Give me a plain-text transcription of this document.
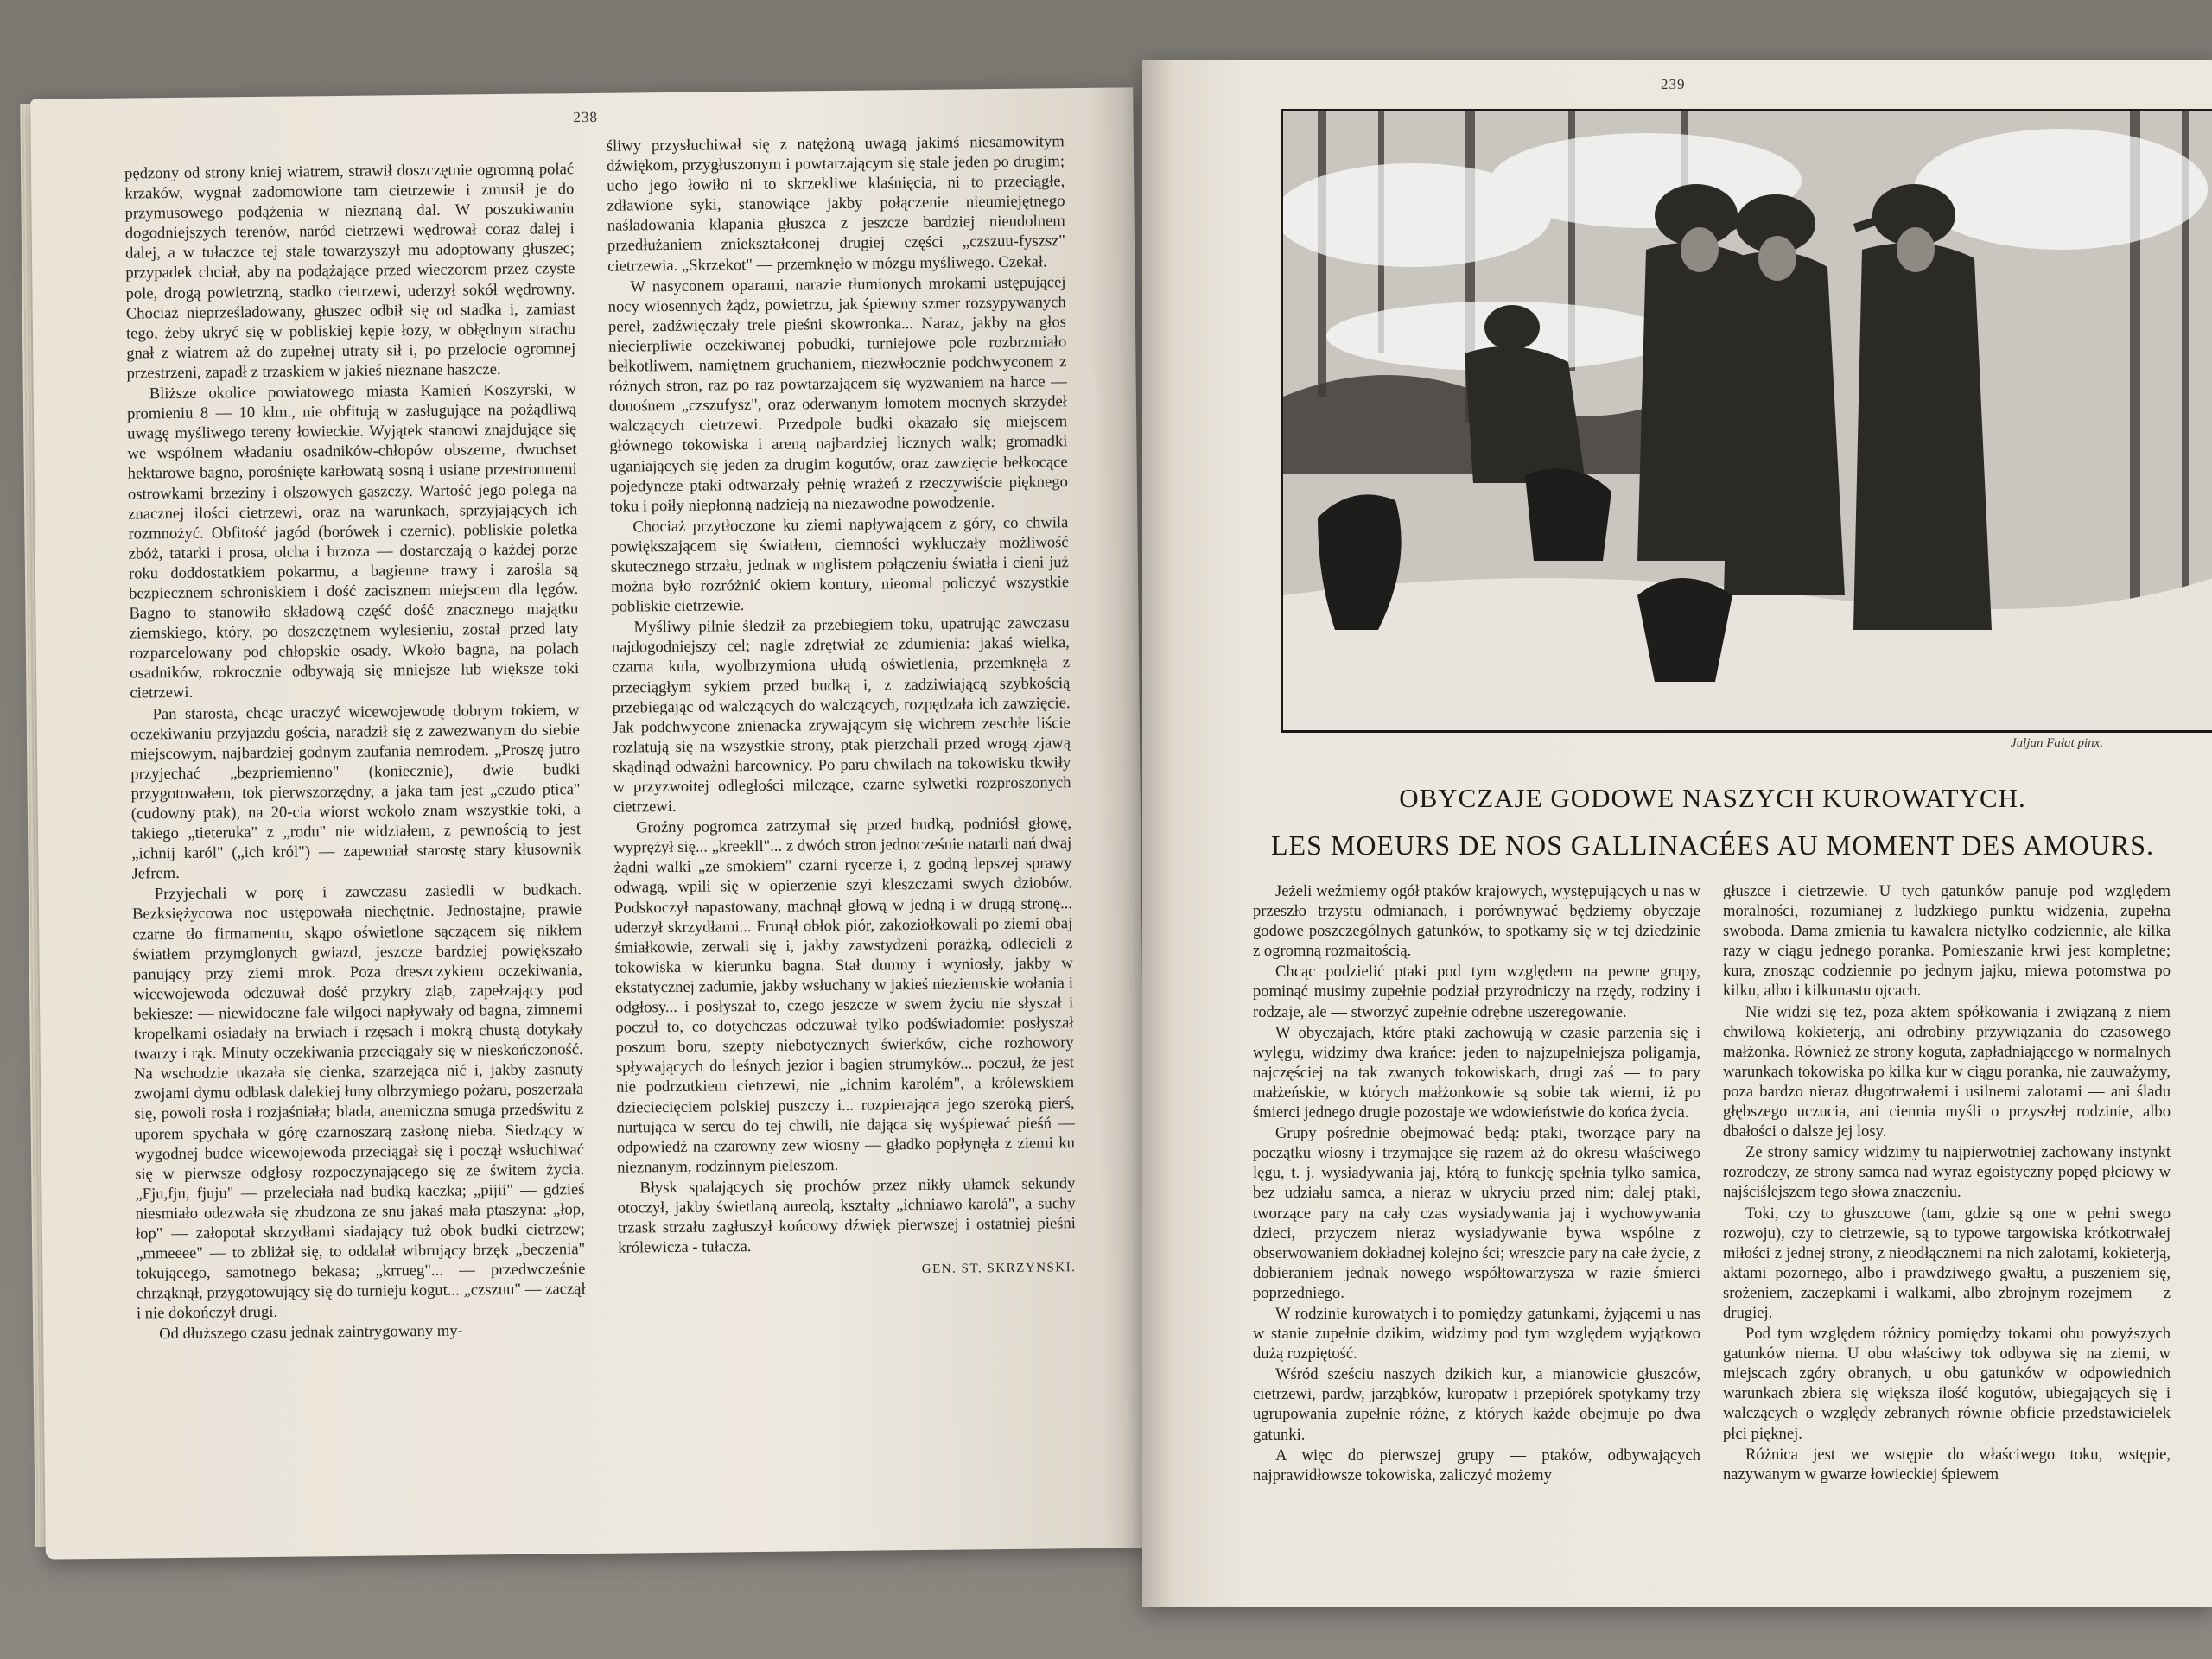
238

pędzony od strony kniej wiatrem, strawił doszczętnie ogromną połać krzaków, wygnał zadomowione tam cietrzewie i zmusił je do przymusowego podążenia w nieznaną dal. W poszukiwaniu dogodniejszych terenów, naród cietrzewi wędrował coraz dalej i dalej, a w tułaczce tej stale towarzyszył mu adoptowany głuszec; przypadek chciał, aby na podążające przed wieczorem przez czyste pole, drogą powietrzną, stadko cietrzewi, uderzył sokół wędrowny. Chociaż nieprześladowany, głuszec odbił się od stadka i, zamiast tego, żeby ukryć się w pobliskiej kępie łozy, w obłędnym strachu gnał z wiatrem aż do zupełnej utraty sił i, po przelocie ogromnej przestrzeni, zapadł z trzaskiem w jakieś nieznane haszcze.

Bliższe okolice powiatowego miasta Kamień Koszyrski, w promieniu 8 — 10 klm., nie obfitują w zasługujące na pożądliwą uwagę myśliwego tereny łowieckie. Wyjątek stanowi znajdujące się we wspólnem władaniu osadników-chłopów obszerne, dwuchset hektarowe bagno, porośnięte karłowatą sosną i usiane przestronnemi ostrowkami brzeziny i olszowych gąszczy. Wartość jego polega na znacznej ilości cietrzewi, oraz na warunkach, sprzyjających ich rozmnożyć. Obfitość jagód (borówek i czernic), pobliskie poletka zbóż, tatarki i prosa, olcha i brzoza — dostarczają o każdej porze roku doddostatkiem pokarmu, a bagienne trawy i zarośla są bezpiecznem schroniskiem i dość zacisznem miejscem dla lęgów. Bagno to stanowiło składową część dość znacznego majątku ziemskiego, który, po doszczętnem wylesieniu, został przed laty rozparcelowany pod chłopskie osady. Wkoło bagna, na polach osadników, rokrocznie odbywają się mniejsze lub większe toki cietrzewi.

Pan starosta, chcąc uraczyć wicewojewodę dobrym tokiem, w oczekiwaniu przyjazdu gościa, naradził się z zawezwanym do siebie miejscowym, najbardziej godnym zaufania nemrodem. „Proszę jutro przyjechać „bezpriemienno" (koniecznie), dwie budki przygotowałem, tok pierwszorzędny, a jaka tam jest „czudo ptica" (cudowny ptak), na 20-cia wiorst wokoło znam wszystkie toki, a takiego „tieteruka" z „rodu" nie widziałem, z pewnością to jest „ichnij karól" („ich król") — zapewniał starostę stary kłusownik Jefrem.

Przyjechali w porę i zawczasu zasiedli w budkach. Bezksiężycowa noc ustępowała niechętnie. Jednostajne, prawie czarne tło firmamentu, skąpo oświetlone sączącem się nikłem światłem przymglonych gwiazd, jeszcze bardziej powiększało panujący przy ziemi mrok. Poza dreszczykiem oczekiwania, wicewojewoda odczuwał dość przykry ziąb, zapełzający pod bekiesze: — niewidoczne fale wilgoci napływały od bagna, zimnemi kropelkami osiadały na brwiach i rzęsach i mokrą chustą dotykały twarzy i rąk. Minuty oczekiwania przeciągały się w nieskończoność. Na wschodzie ukazała się cienka, szarzejąca nić i, jakby zasnuty zwojami dymu odblask dalekiej łuny olbrzymiego pożaru, poszerzała się, powoli rosła i rozjaśniała; blada, anemiczna smuga przedświtu z uporem spychała w górę czarnoszarą zasłonę nieba. Siedzący w wygodnej budce wicewojewoda przeciągał się i począł wsłuchiwać się w pierwsze odgłosy rozpoczynającego się ze świtem życia. „Fju,fju, fjuju" — przeleciała nad budką kaczka; „pijii" — gdzieś niesmiało odezwała się zbudzona ze snu jakaś mała ptaszyna: „łop, łop" — załopotał skrzydłami siadający tuż obok budki cietrzew; „mmeeee" — to zbliżał się, to oddalał wibrujący brzęk „beczenia" tokującego, samotnego bekasa; „krrueg"... — przedwcześnie chrząknął, przygotowujący się do turnieju kogut... „czszuu" — zaczął i nie dokończył drugi.

Od dłuższego czasu jednak zaintrygowany my-

śliwy przysłuchiwał się z natężoną uwagą jakimś niesamowitym dźwiękom, przygłuszonym i powtarzającym się stale jeden po drugim; ucho jego łowiło ni to skrzekliwe klaśnięcia, ni to przeciągłe, zdławione syki, stanowiące jakby połączenie nieumiejętnego naśladowania klapania głuszca z jeszcze bardziej nieudolnem przedłużaniem zniekształconej drugiej części „czszuu-fyszsz" cietrzewia. „Skrzekot" — przemknęło w mózgu myśliwego. Czekał.

W nasyconem oparami, narazie tłumionych mrokami ustępującej nocy wiosennych żądz, powietrzu, jak śpiewny szmer rozsypywanych pereł, zadźwięczały trele pieśni skowronka... Naraz, jakby na głos niecierpliwie oczekiwanej pobudki, turniejowe pole rozbrzmiało bełkotliwem, namiętnem gruchaniem, niezwłocznie podchwyconem z różnych stron, raz po raz powtarzającem się wyzwaniem na harce — donośnem „czszufysz", oraz oderwanym łomotem mocnych skrzydeł walczących cietrzewi. Przedpole budki okazało się miejscem głównego tokowiska i areną najbardziej licznych walk; gromadki uganiających się jeden za drugim kogutów, oraz zawzięcie bełkocące pojedyncze ptaki odtwarzały pełnię wrażeń z rzeczywiście pięknego toku i poiły niepłonną nadzieją na niezawodne powodzenie.

Chociaż przytłoczone ku ziemi napływającem z góry, co chwila powiększającem się światłem, ciemności wykluczały możliwość skutecznego strzału, jednak w mglistem połączeniu światła i cieni już można było rozróżnić okiem kontury, nieomal policzyć wszystkie pobliskie cietrzewie.

Myśliwy pilnie śledził za przebiegiem toku, upatrując zawczasu najdogodniejszy cel; nagle zdrętwiał ze zdumienia: jakaś wielka, czarna kula, wyolbrzymiona ułudą oświetlenia, przemknęła z przeciągłym sykiem przed budką i, z zadziwiającą szybkością przebiegając od walczących do walczących, rozpędzała ich zawzięcie. Jak podchwycone znienacka zrywającym się wichrem zeschłe liście rozlatują się na wszystkie strony, ptak pierzchali przed wrogą zjawą skądinąd odważni harcownicy. Po paru chwilach na tokowisku tkwiły w przyzwoitej odległości milczące, czarne sylwetki rozproszonych cietrzewi.

Groźny pogromca zatrzymał się przed budką, podniósł głowę, wyprężył się... „kreekll"... z dwóch stron jednocześnie natarli nań dwaj żądni walki „ze smokiem" czarni rycerze i, z godną lepszej sprawy odwagą, wpili się w opierzenie szyi kleszczami swych dziobów. Podskoczył napastowany, machnął głową w jedną i w drugą stronę... uderzył skrzydłami... Frunął obłok piór, zakoziołkowali po ziemi obaj śmiałkowie, zerwali się i, jakby zawstydzeni porażką, odlecieli z tokowiska w kierunku bagna. Stał dumny i wyniosły, jakby w ekstatycznej zadumie, jakby wsłuchany w jakieś nieziemskie wołania i odgłosy... i posłyszał to, czego jeszcze w swem życiu nie słyszał i poczuł to, co dotychczas odczuwał tylko podświadomie: posłyszał poszum boru, szepty niebotycznych świerków, ciche rozhowory spływających do leśnych jezior i bagien strumyków... poczuł, że jest nie podrzutkiem cietrzewi, nie „ichnim karolém", a królewskiem dzieciecięciem polskiej puszczy i... rozpierająca jego szeroką pierś, nurtująca w sercu do tej chwili, nie dająca się wyśpiewać pieśń — odpowiedź na czarowny zew wiosny — gładko popłynęła z ziemi ku nieznanym, rodzinnym pieleszom.

Błysk spalających się prochów przez nikły ułamek sekundy otoczył, jakby świetlaną aureolą, kształty „ichniawo karolá", a suchy trzask strzału zagłuszył końcowy dźwięk pierwszej i ostatniej pieśni królewicza - tułacza.

GEN. ST. SKRZYNSKI.
239
Juljan Fałat pinx.
OBYCZAJE GODOWE NASZYCH KUROWATYCH.
LES MOEURS DE NOS GALLINACÉES AU MOMENT DES AMOURS.

Jeżeli weźmiemy ogół ptaków krajowych, występujących u nas w przeszło trzystu odmianach, i porównywać będziemy obyczaje godowe poszczególnych gatunków, to spotkamy się w tej dziedzinie z ogromną rozmaitością.

Chcąc podzielić ptaki pod tym względem na pewne grupy, pominąć musimy zupełnie podział przyrodniczy na rzędy, rodziny i rodzaje, ale — stworzyć zupełnie odrębne uszeregowanie.

W obyczajach, które ptaki zachowują w czasie parzenia się i wylęgu, widzimy dwa krańce: jeden to najzupełniejsza poligamja, najczęściej na tak zwanych tokowiskach, drugi zaś — to pary małżeńskie, w których małżonkowie są sobie tak wierni, iż po śmierci jednego drugie pozostaje we wdowieństwie do końca życia.

Grupy pośrednie obejmować będą: ptaki, tworzące pary na początku wiosny i trzymające się razem aż do okresu właściwego lęgu, t. j. wysiadywania jaj, którą to funkcję spełnia tylko samica, bez udziału samca, a nieraz w ukryciu przed nim; dalej ptaki, tworzące pary na cały czas wysiadywania jaj i wychowywania dzieci, przyczem nieraz wysiadywanie bywa wspólne z obserwowaniem dokładnej kolejno ści; wreszcie pary na całe życie, z dobieraniem jednak nowego współtowarzysza w razie śmierci poprzedniego.

W rodzinie kurowatych i to pomiędzy gatunkami, żyjącemi u nas w stanie zupełnie dzikim, widzimy pod tym względem wyjątkowo dużą rozpiętość.

Wśród sześciu naszych dzikich kur, a mianowicie głuszców, cietrzewi, pardw, jarząbków, kuropatw i przepiórek spotykamy trzy ugrupowania zupełnie różne, z których każde obejmuje po dwa gatunki.

A więc do pierwszej grupy — ptaków, odbywających najprawidłowsze tokowiska, zaliczyć możemy

głuszce i cietrzewie. U tych gatunków panuje pod względem moralności, rozumianej z ludzkiego punktu widzenia, zupełna swoboda. Dama zmienia tu kawalera nietylko codziennie, ale kilka razy w ciągu jednego poranka. Pomieszanie krwi jest kompletne; kura, znosząc codziennie po jednym jajku, miewa potomstwa po kilku, albo i kilkunastu ojcach.

Nie widzi się też, poza aktem spółkowania i związaną z niem chwilową kokieterją, ani odrobiny przywiązania do czasowego małżonka. Również ze strony koguta, zapładniającego w normalnych warunkach tokowiska po kilka kur w ciągu poranka, nie zauważymy, poza bardzo nieraz długotrwałemi i usilnemi zalotami — ani śladu głębszego uczucia, ani ciennia myśli o przyszłej rodzinie, albo dbałości o dalsze jej losy.

Ze strony samicy widzimy tu najpierwotniej zachowany instynkt rozrodczy, ze strony samca nad wyraz egoistyczny popęd płciowy w najściślejszem tego słowa znaczeniu.

Toki, czy to głuszcowe (tam, gdzie są one w pełni swego rozwoju), czy to cietrzewie, są to typowe targowiska krótkotrwałej miłości z jednej strony, z nieodłącznemi na nich zalotami, kokieterją, aktami pozornego, albo i prawdziwego gwałtu, a puszeniem się, srożeniem, zaczepkami i walkami, albo zbrojnym rozejmem — z drugiej.

Pod tym względem różnicy pomiędzy tokami obu powyższych gatunków niema. U obu właściwy tok odbywa się na ziemi, w miejscach zgóry obranych, u obu gatunków w odpowiednich warunkach zbiera się większa ilość kogutów, ubiegających się i walczących o względy zebranych równie obficie przedstawicielek płci pięknej.

Różnica jest we wstępie do właściwego toku, wstępie, nazywanym w gwarze łowieckiej śpiewem
